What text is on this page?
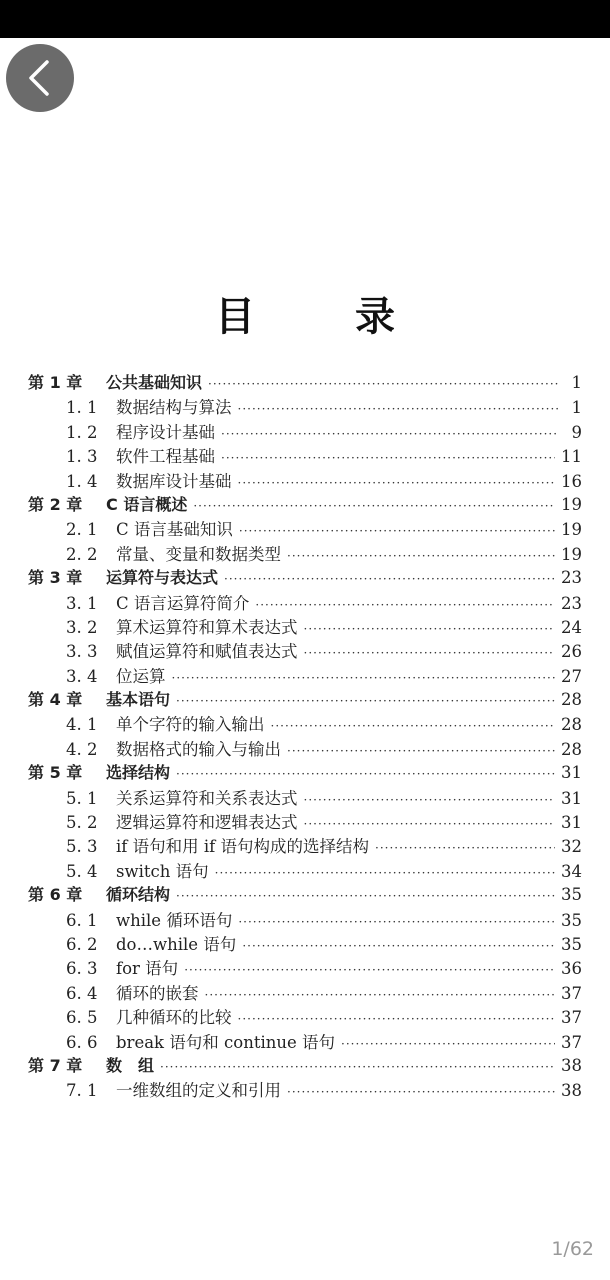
目　录
第 1 章	公共基础知识 ·····	1
1. 1	数据结构与算法 ·····	1
1. 2	程序设计基础 ·····	9
1. 3	软件工程基础 ·····	11
1. 4	数据库设计基础 ·····	16
第 2 章	C 语言概述 ·····	19
2. 1	C 语言基础知识 ·····	19
2. 2	常量、变量和数据类型 ·····	19
第 3 章	运算符与表达式 ·····	23
3. 1	C 语言运算符简介 ·····	23
3. 2	算术运算符和算术表达式 ·····	24
3. 3	赋值运算符和赋值表达式 ·····	26
3. 4	位运算 ·····	27
第 4 章	基本语句 ·····	28
4. 1	单个字符的输入输出 ·····	28
4. 2	数据格式的输入与输出 ·····	28
第 5 章	选择结构 ·····	31
5. 1	关系运算符和关系表达式 ·····	31
5. 2	逻辑运算符和逻辑表达式 ·····	31
5. 3	if 语句和用 if 语句构成的选择结构 ·····	32
5. 4	switch 语句 ·····	34
第 6 章	循环结构 ·····	35
6. 1	while 循环语句 ·····	35
6. 2	do…while 语句 ·····	35
6. 3	for 语句 ·····	36
6. 4	循环的嵌套 ·····	37
6. 5	几种循环的比较 ·····	37
6. 6	break 语句和 continue 语句 ·····	37
第 7 章	数　组 ·····	38
7. 1	一维数组的定义和引用 ·····	38
1/62
